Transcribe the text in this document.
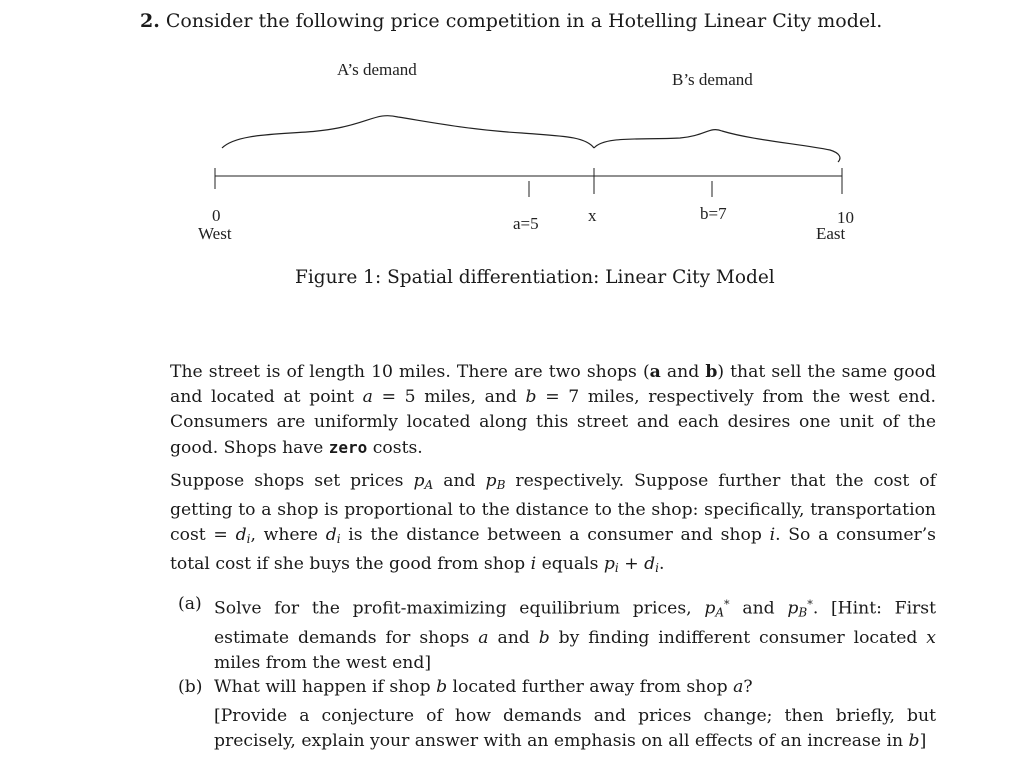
2. Consider the following price competition in a Hotelling Linear City model.
A’s demand
B’s demand
0
West
a=5	x	b=7	10
East
Figure 1: Spatial differentiation: Linear City Model
The street is of length 10 miles. There are two shops (a and b) that sell the same good and located at point a = 5 miles, and b = 7 miles, respectively from the west end. Consumers are uniformly located along this street and each desires one unit of the good. Shops have zero costs.
Suppose shops set prices $p_A$ and $p_B$ respectively. Suppose further that the cost of getting to a shop is proportional to the distance to the shop: specifically, transportation $\cos t = d_i$, where $d_i$ is the distance between a consumer and shop i. So a consumer’s total cost if she buys the good from shop i equals $p_i + d_i$.
(a) Solve for the profit-maximizing equilibrium prices, $p_A^*$ and $p_B^*$. [Hint: First estimate demands for shops a and b by finding indifferent consumer located x miles from the west end]
(b) What will happen if shop b located further away from shop a?
[Provide a conjecture of how demands and prices change; then briefly, but precisely, explain your answer with an emphasis on all effects of an increase in b]
